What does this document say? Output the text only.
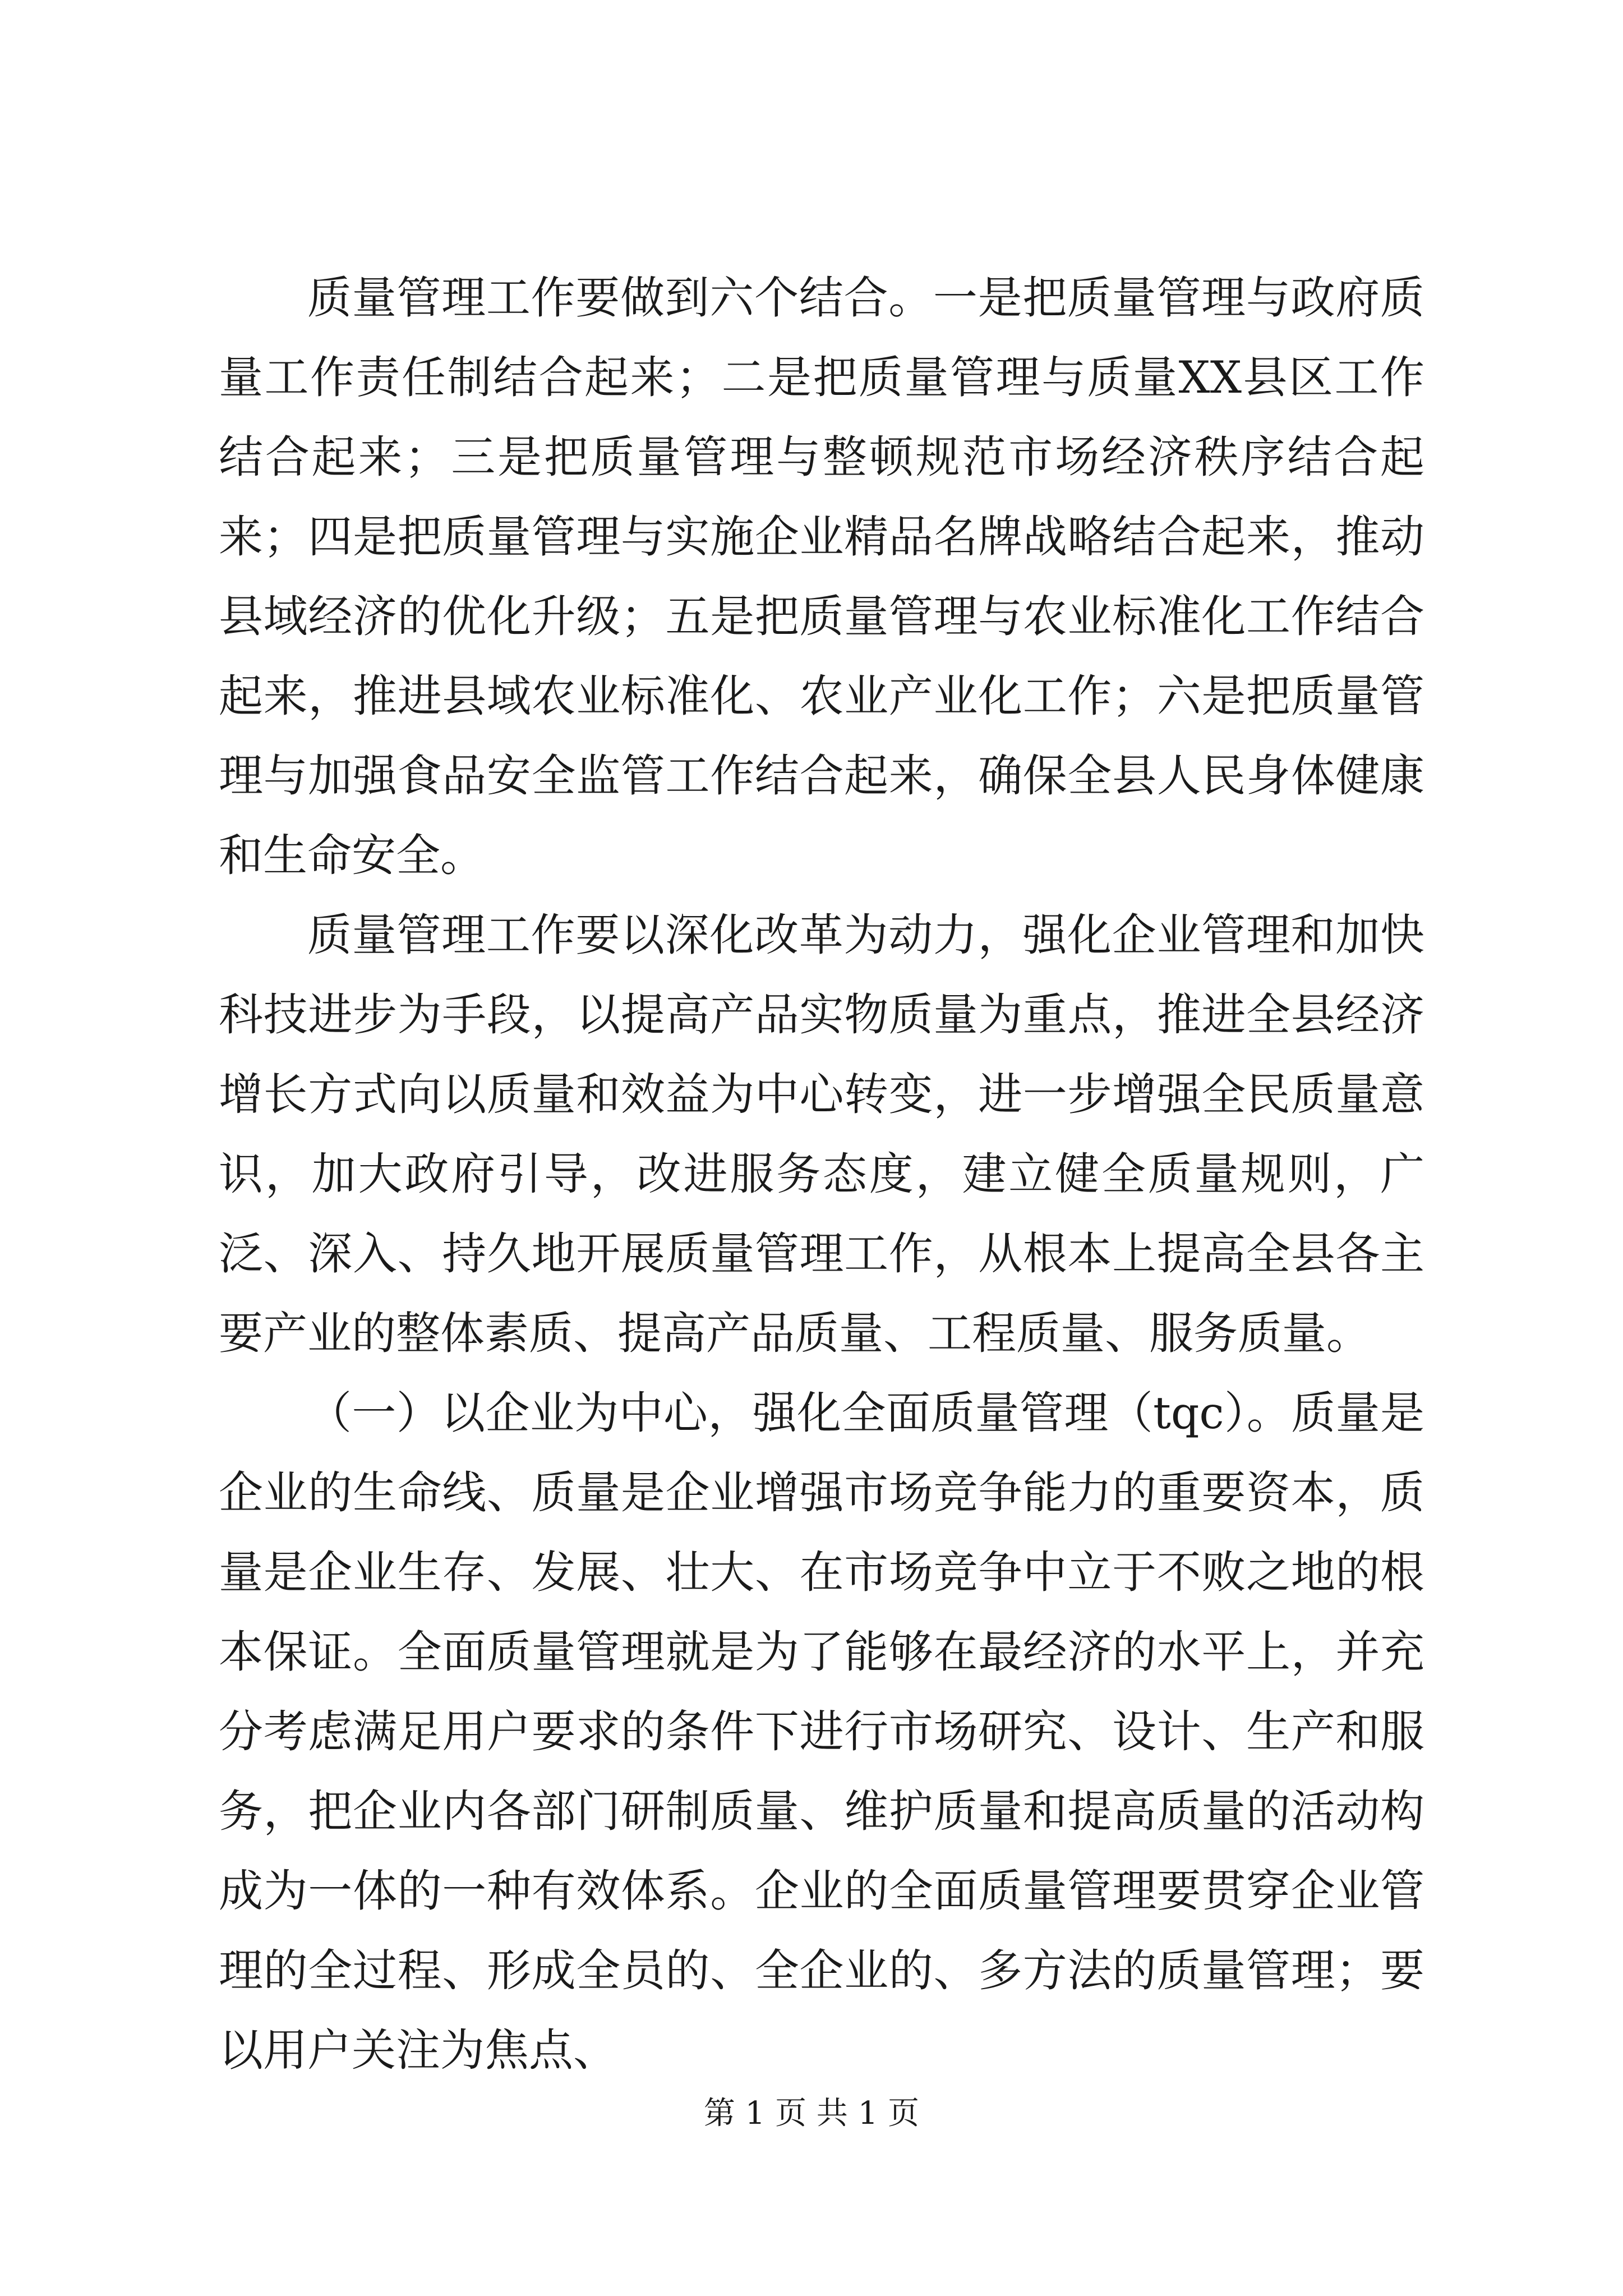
质量管理工作要做到六个结合。一是把质量管理与政府质量工作责任制结合起来；二是把质量管理与质量XX县区工作结合起来；三是把质量管理与整顿规范市场经济秩序结合起来；四是把质量管理与实施企业精品名牌战略结合起来，推动县域经济的优化升级；五是把质量管理与农业标准化工作结合起来，推进县域农业标准化、农业产业化工作；六是把质量管理与加强食品安全监管工作结合起来，确保全县人民身体健康和生命安全。

质量管理工作要以深化改革为动力，强化企业管理和加快科技进步为手段，以提高产品实物质量为重点，推进全县经济增长方式向以质量和效益为中心转变，进一步增强全民质量意识，加大政府引导，改进服务态度，建立健全质量规则，广泛、深入、持久地开展质量管理工作，从根本上提高全县各主要产业的整体素质、提高产品质量、工程质量、服务质量。

（一）以企业为中心，强化全面质量管理（tqc）。质量是企业的生命线、质量是企业增强市场竞争能力的重要资本，质量是企业生存、发展、壮大、在市场竞争中立于不败之地的根本保证。全面质量管理就是为了能够在最经济的水平上，并充分考虑满足用户要求的条件下进行市场研究、设计、生产和服务，把企业内各部门研制质量、维护质量和提高质量的活动构成为一体的一种有效体系。企业的全面质量管理要贯穿企业管理的全过程、形成全员的、全企业的、多方法的质量管理；要以用户关注为焦点、

第 1 页 共 1 页
